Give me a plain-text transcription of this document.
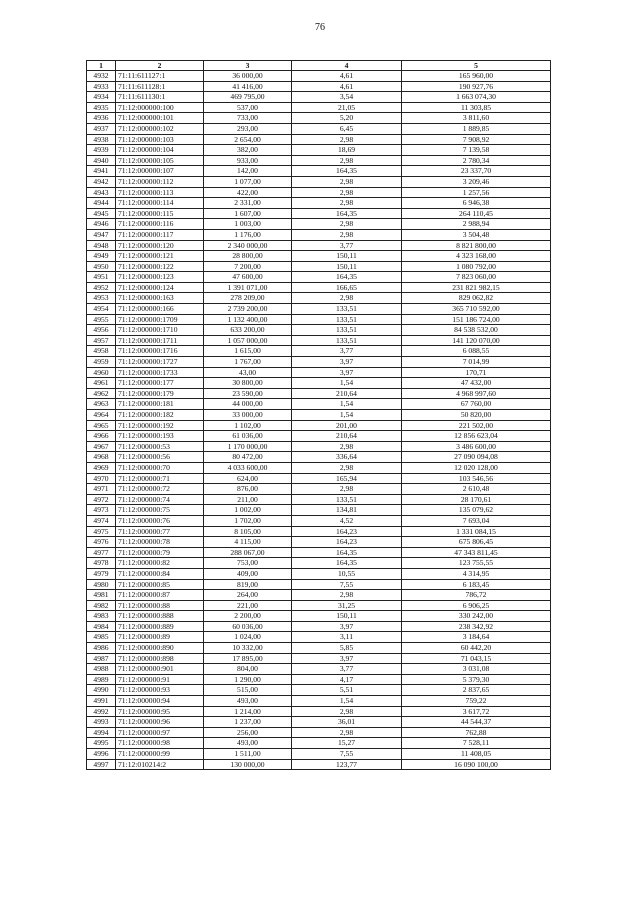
76
1	2	3	4	5
4932	71:11:611127:1	36 000,00	4,61	165 960,00
4933	71:11:611128:1	41 416,00	4,61	190 927,76
4934	71:11:611130:1	469 795,00	3,54	1 663 074,30
4935	71:12:000000:100	537,00	21,05	11 303,85
4936	71:12:000000:101	733,00	5,20	3 811,60
4937	71:12:000000:102	293,00	6,45	1 889,85
4938	71:12:000000:103	2 654,00	2,98	7 908,92
4939	71:12:000000:104	382,00	18,69	7 139,58
4940	71:12:000000:105	933,00	2,98	2 780,34
4941	71:12:000000:107	142,00	164,35	23 337,70
4942	71:12:000000:112	1 077,00	2,98	3 209,46
4943	71:12:000000:113	422,00	2,98	1 257,56
4944	71:12:000000:114	2 331,00	2,98	6 946,38
4945	71:12:000000:115	1 607,00	164,35	264 110,45
4946	71:12:000000:116	1 003,00	2,98	2 988,94
4947	71:12:000000:117	1 176,00	2,98	3 504,48
4948	71:12:000000:120	2 340 000,00	3,77	8 821 800,00
4949	71:12:000000:121	28 800,00	150,11	4 323 168,00
4950	71:12:000000:122	7 200,00	150,11	1 080 792,00
4951	71:12:000000:123	47 600,00	164,35	7 823 060,00
4952	71:12:000000:124	1 391 071,00	166,65	231 821 982,15
4953	71:12:000000:163	278 209,00	2,98	829 062,82
4954	71:12:000000:166	2 739 200,00	133,51	365 710 592,00
4955	71:12:000000:1709	1 132 400,00	133,51	151 186 724,00
4956	71:12:000000:1710	633 200,00	133,51	84 538 532,00
4957	71:12:000000:1711	1 057 000,00	133,51	141 120 070,00
4958	71:12:000000:1716	1 615,00	3,77	6 088,55
4959	71:12:000000:1727	1 767,00	3,97	7 014,99
4960	71:12:000000:1733	43,00	3,97	170,71
4961	71:12:000000:177	30 800,00	1,54	47 432,00
4962	71:12:000000:179	23 590,00	210,64	4 968 997,60
4963	71:12:000000:181	44 000,00	1,54	67 760,00
4964	71:12:000000:182	33 000,00	1,54	50 820,00
4965	71:12:000000:192	1 102,00	201,00	221 502,00
4966	71:12:000000:193	61 036,00	210,64	12 856 623,04
4967	71:12:000000:53	1 170 000,00	2,98	3 486 600,00
4968	71:12:000000:56	80 472,00	336,64	27 090 094,08
4969	71:12:000000:70	4 033 600,00	2,98	12 020 128,00
4970	71:12:000000:71	624,00	165,94	103 546,56
4971	71:12:000000:72	876,00	2,98	2 610,48
4972	71:12:000000:74	211,00	133,51	28 170,61
4973	71:12:000000:75	1 002,00	134,81	135 079,62
4974	71:12:000000:76	1 702,00	4,52	7 693,04
4975	71:12:000000:77	8 105,00	164,23	1 331 084,15
4976	71:12:000000:78	4 115,00	164,23	675 806,45
4977	71:12:000000:79	288 067,00	164,35	47 343 811,45
4978	71:12:000000:82	753,00	164,35	123 755,55
4979	71:12:000000:84	409,00	10,55	4 314,95
4980	71:12:000000:85	819,00	7,55	6 183,45
4981	71:12:000000:87	264,00	2,98	786,72
4982	71:12:000000:88	221,00	31,25	6 906,25
4983	71:12:000000:888	2 200,00	150,11	330 242,00
4984	71:12:000000:889	60 036,00	3,97	238 342,92
4985	71:12:000000:89	1 024,00	3,11	3 184,64
4986	71:12:000000:890	10 332,00	5,85	60 442,20
4987	71:12:000000:898	17 895,00	3,97	71 043,15
4988	71:12:000000:901	804,00	3,77	3 031,08
4989	71:12:000000:91	1 290,00	4,17	5 379,30
4990	71:12:000000:93	515,00	5,51	2 837,65
4991	71:12:000000:94	493,00	1,54	759,22
4992	71:12:000000:95	1 214,00	2,98	3 617,72
4993	71:12:000000:96	1 237,00	36,01	44 544,37
4994	71:12:000000:97	256,00	2,98	762,88
4995	71:12:000000:98	493,00	15,27	7 528,11
4996	71:12:000000:99	1 511,00	7,55	11 408,05
4997	71:12:010214:2	130 000,00	123,77	16 090 100,00
